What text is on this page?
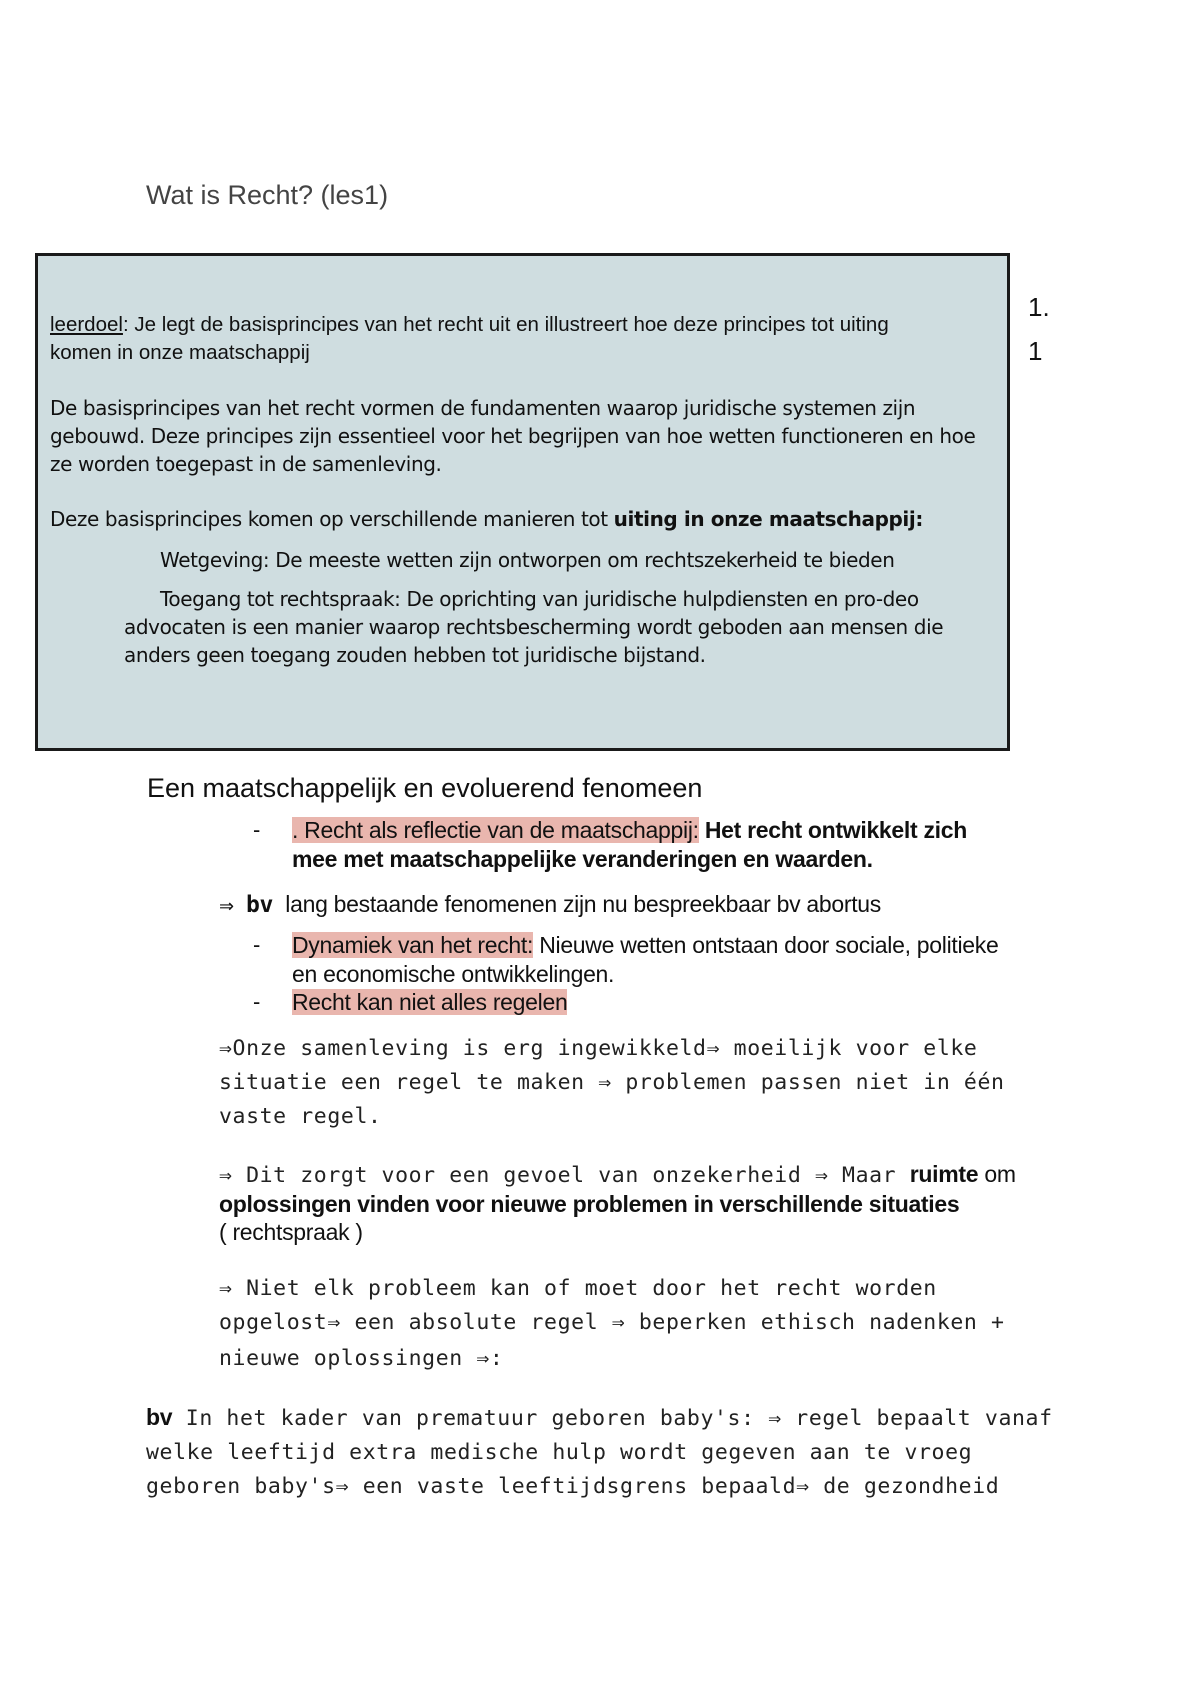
Wat is Recht? (les1)
leerdoel: Je legt de basisprincipes van het recht uit en illustreert hoe deze principes tot uiting
komen in onze maatschappij
De basisprincipes van het recht vormen de fundamenten waarop juridische systemen zijn
gebouwd. Deze principes zijn essentieel voor het begrijpen van hoe wetten functioneren en hoe
ze worden toegepast in de samenleving.
Deze basisprincipes komen op verschillende manieren tot uiting in onze maatschappij:
Wetgeving: De meeste wetten zijn ontworpen om rechtszekerheid te bieden
Toegang tot rechtspraak: De oprichting van juridische hulpdiensten en pro-deo
advocaten is een manier waarop rechtsbescherming wordt geboden aan mensen die
anders geen toegang zouden hebben tot juridische bijstand.
1.
1
Een maatschappelijk en evoluerend fenomeen
- . Recht als reflectie van de maatschappij: Het recht ontwikkelt zich
mee met maatschappelijke veranderingen en waarden.
⇒ bv lang bestaande fenomenen zijn nu bespreekbaar bv abortus
- Dynamiek van het recht: Nieuwe wetten ontstaan door sociale, politieke
en economische ontwikkelingen.
- Recht kan niet alles regelen
⇒Onze samenleving is erg ingewikkeld⇒ moeilijk voor elke
situatie een regel te maken ⇒ problemen passen niet in één
vaste regel.
⇒ Dit zorgt voor een gevoel van onzekerheid ⇒ Maar ruimte om
oplossingen vinden voor nieuwe problemen in verschillende situaties
( rechtspraak )
⇒ Niet elk probleem kan of moet door het recht worden
opgelost⇒ een absolute regel ⇒ beperken ethisch nadenken +
nieuwe oplossingen ⇒:
bv In het kader van prematuur geboren baby's: ⇒ regel bepaalt vanaf
welke leeftijd extra medische hulp wordt gegeven aan te vroeg
geboren baby's⇒ een vaste leeftijdsgrens bepaald⇒ de gezondheid
